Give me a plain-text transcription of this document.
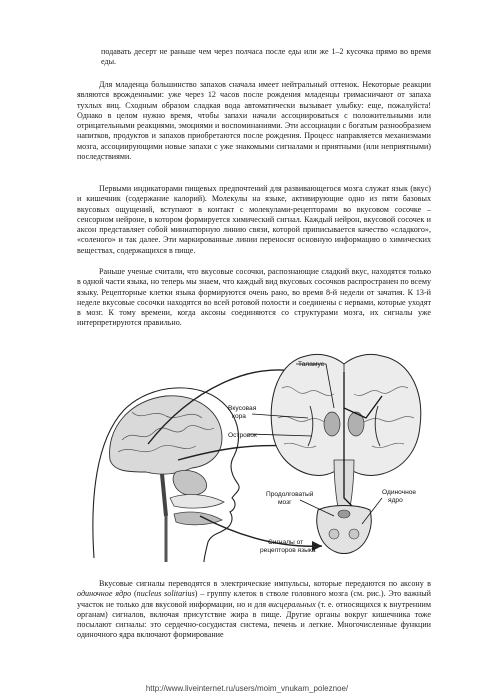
подавать десерт не раньше чем через полчаса после еды или же 1–2 кусочка прямо во время еды.

Для младенца большинство запахов сначала имеет нейтральный оттенок. Некоторые реакции являются врожденными: уже через 12 часов после рождения младенцы гримасничают от запаха тухлых яиц. Сходным образом сладкая вода автоматически вызывает улыбку: еще, пожалуйста! Однако в целом нужно время, чтобы запахи начали ассоциироваться с положительными или отрицательными реакциями, эмоциями и воспоминаниями. Эти ассоциации с богатым разнообразием напитков, продуктов и запахов приобретаются после рождения. Процесс направляется механизмами мозга, ассоциирующими новые запахи с уже знакомыми сигналами и приятными (или неприятными) последствиями.

Первыми индикаторами пищевых предпочтений для развивающегося мозга служат язык (вкус) и кишечник (содержание калорий). Молекулы на языке, активирующие одно из пяти базовых вкусовых ощущений, вступают в контакт с молекулами-рецепторами во вкусовом сосочке – сенсорном нейроне, в котором формируется химический сигнал. Каждый нейрон, вкусовой сосочек и аксон представляет собой миниатюрную линию связи, которой приписывается качество «сладкого», «соленого» и так далее. Эти маркированные линии переносят основную информацию о химических веществах, содержащихся в пище.

Раньше ученые считали, что вкусовые сосочки, распознающие сладкий вкус, находятся только в одной части языка, но теперь мы знаем, что каждый вид вкусовых сосочков распространен по всему языку. Рецепторные клетки языка формируются очень рано, во время 8-й недели от зачатия. К 13-й неделе вкусовые сосочки находятся во всей ротовой полости и соединены с нервами, которые уходят в мозг. К тому времени, когда аксоны соединяются со структурами мозга, их сигналы уже интерпретируются правильно.

Таламус
Вкусовая
кора
Островок
Продолговатый
мозг
Одиночное
ядро
Сигналы от
рецепторов языка

Вкусовые сигналы переводятся в электрические импульсы, которые передаются по аксону в одиночное ядро (nucleus solitarius) – группу клеток в стволе головного мозга (см. рис.). Это важный участок не только для вкусовой информации, но и для висцеральных (т. е. относящихся к внутренним органам) сигналов, включая присутствие жира в пище. Другие органы вокруг кишечника тоже посылают сигналы: это сердечно-сосудистая система, печень и легкие. Многочисленные функции одиночного ядра включают формирование

http://www.liveinternet.ru/users/moim_vnukam_poleznoe/
